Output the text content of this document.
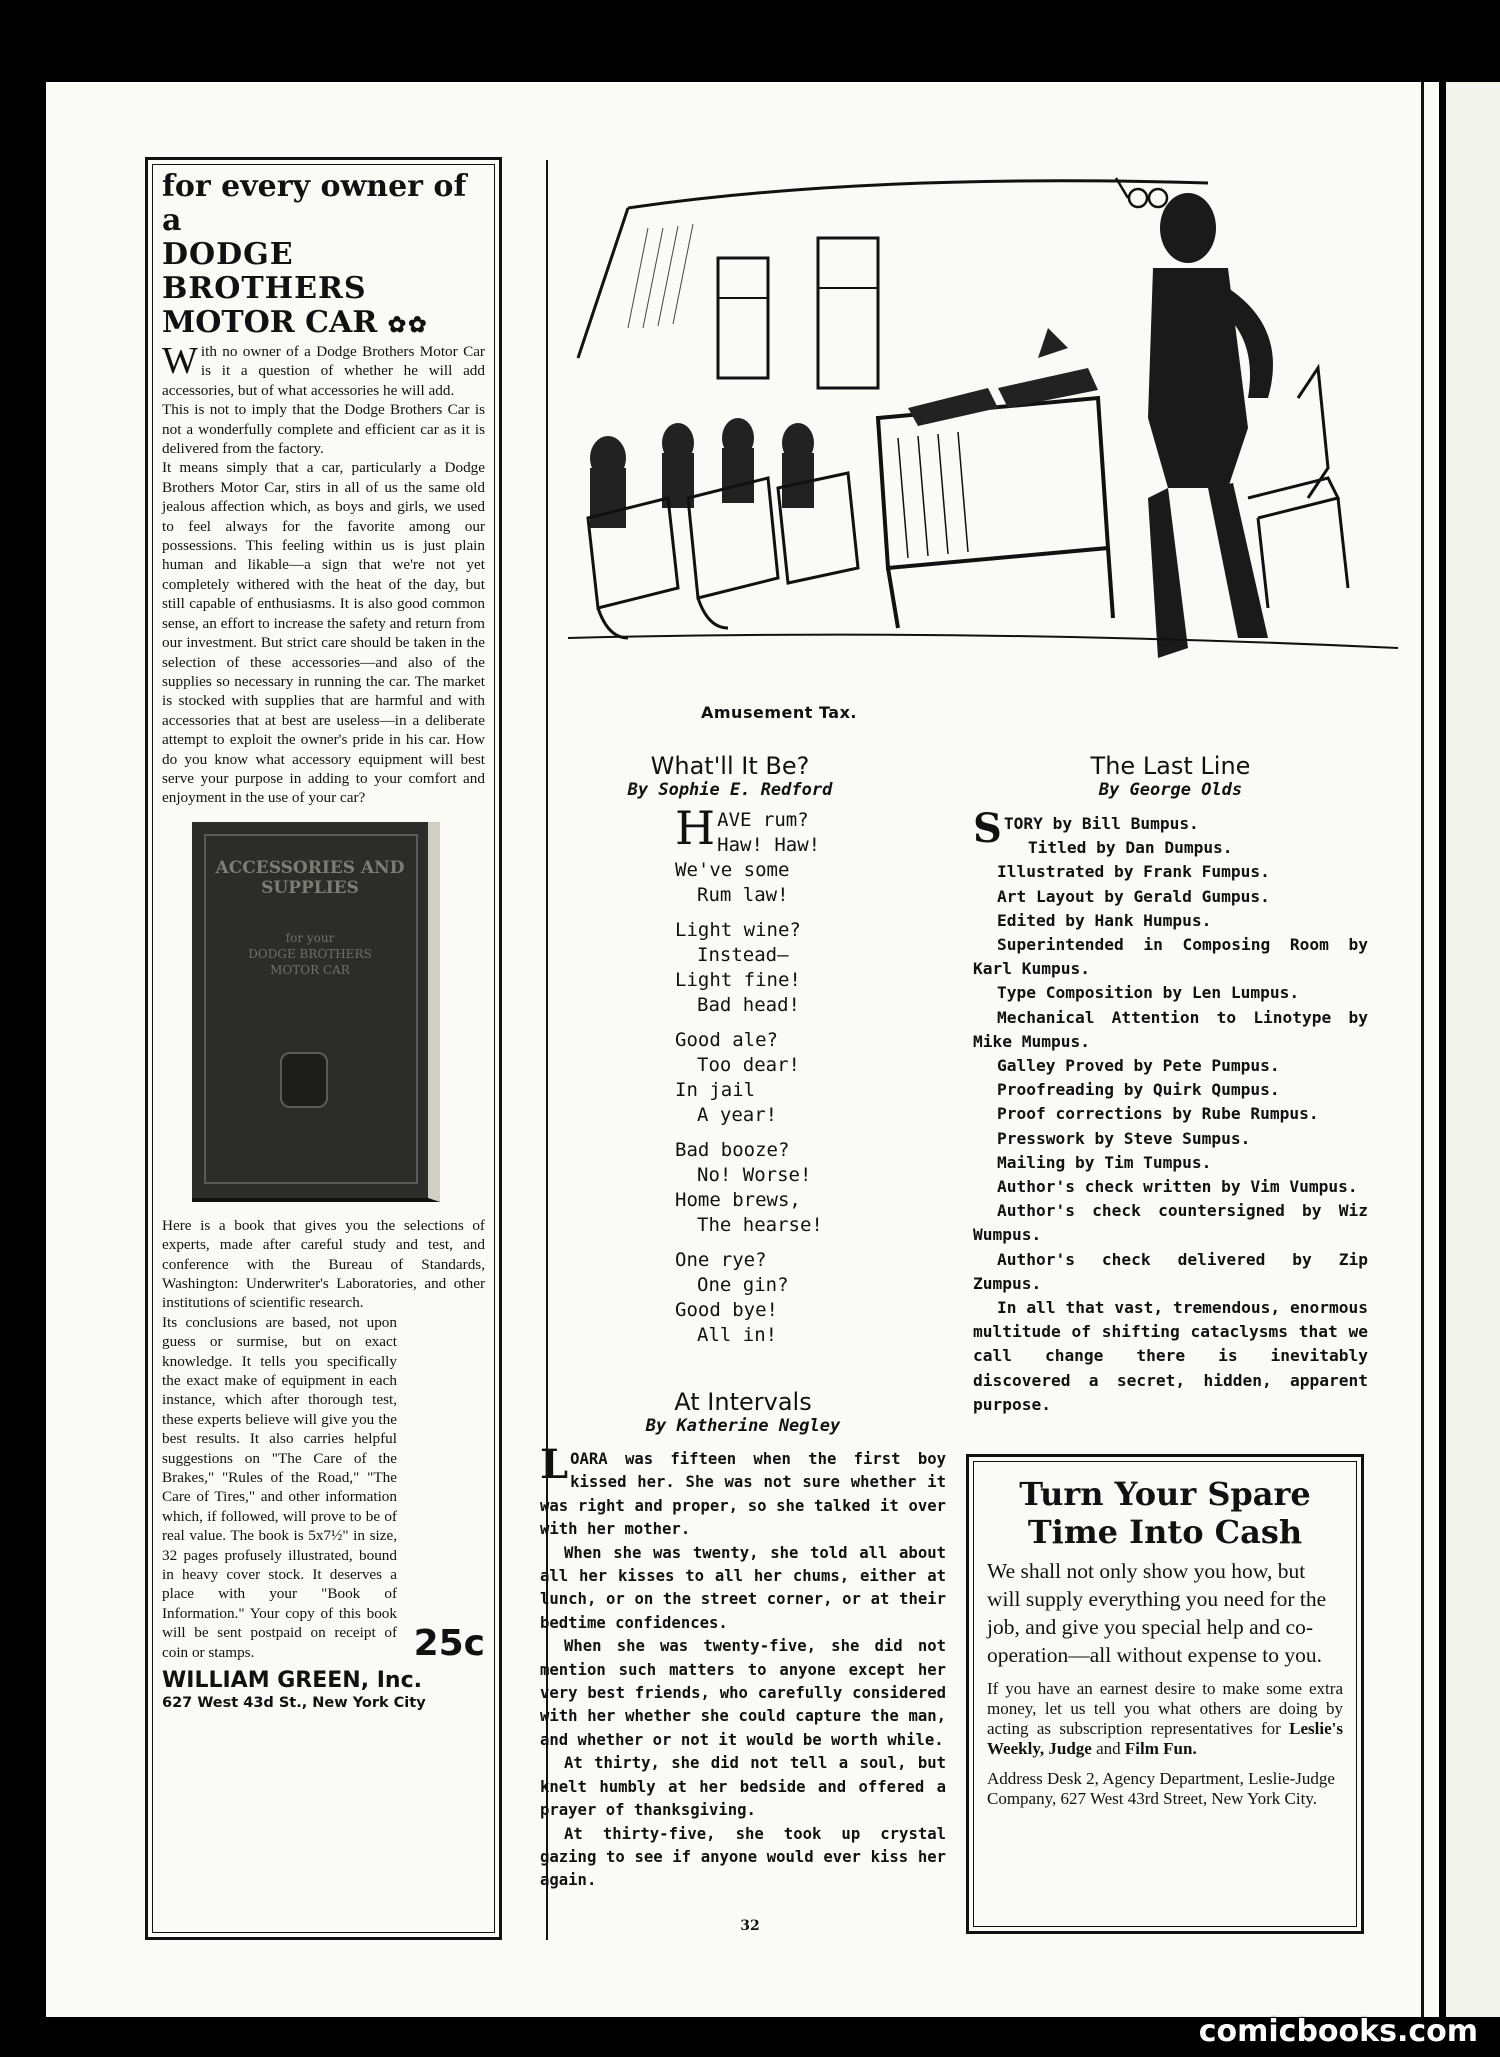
for every owner of a
DODGE BROTHERS
MOTOR CAR ✿✿

With no owner of a Dodge Brothers Motor Car is it a question of whether he will add accessories, but of what accessories he will add.

This is not to imply that the Dodge Brothers Car is not a wonderfully complete and efficient car as it is delivered from the factory.

It means simply that a car, particularly a Dodge Brothers Motor Car, stirs in all of us the same old jealous affection which, as boys and girls, we used to feel always for the favorite among our possessions. This feeling within us is just plain human and likable—a sign that we're not yet completely withered with the heat of the day, but still capable of enthusiasms. It is also good common sense, an effort to increase the safety and return from our investment. But strict care should be taken in the selection of these accessories—and also of the supplies so necessary in running the car. The market is stocked with supplies that are harmful and with accessories that at best are useless—in a deliberate attempt to exploit the owner's pride in his car. How do you know what accessory equipment will best serve your purpose in adding to your comfort and enjoyment in the use of your car?

ACCESSORIES AND SUPPLIES
for your
DODGE BROTHERS
MOTOR CAR

Here is a book that gives you the selections of experts, made after careful study and test, and conference with the Bureau of Standards, Washington: Underwriter's Laboratories, and other institutions of scientific research.

Its conclusions are based, not upon guess or surmise, but on exact knowledge. It tells you specifically the exact make of equipment in each instance, which after thorough test, these experts believe will give you the best results. It also carries helpful suggestions on "The Care of the Brakes," "Rules of the Road," "The Care of Tires," and other information which, if followed, will prove to be of real value. The book is 5x7½" in size, 32 pages profusely illustrated, bound in heavy cover stock. It deserves a place with your "Book of Information." Your copy of this book will be sent postpaid on receipt of coin or stamps.	25c
WILLIAM GREEN, Inc.
627 West 43d St., New York City
Amusement Tax.
What'll It Be?
By Sophie E. Redford
HAVE rum?
Haw! Haw!
We've some
Rum law!
Light wine?
Instead—
Light fine!
Bad head!
Good ale?
Too dear!
In jail
A year!
Bad booze?
No! Worse!
Home brews,
The hearse!
One rye?
One gin?
Good bye!
All in!
The Last Line
By George Olds

STORY by Bill Bumpus.

Titled by Dan Dumpus.

Illustrated by Frank Fumpus.

Art Layout by Gerald Gumpus.

Edited by Hank Humpus.

Superintended in Composing Room by Karl Kumpus.

Type Composition by Len Lumpus.

Mechanical Attention to Linotype by Mike Mumpus.

Galley Proved by Pete Pumpus.

Proofreading by Quirk Qumpus.

Proof corrections by Rube Rumpus.

Presswork by Steve Sumpus.

Mailing by Tim Tumpus.

Author's check written by Vim Vumpus.

Author's check countersigned by Wiz Wumpus.

Author's check delivered by Zip Zumpus.

In all that vast, tremendous, enormous multitude of shifting cataclysms that we call change there is inevitably discovered a secret, hidden, apparent purpose.

At Intervals
By Katherine Negley

LOARA was fifteen when the first boy kissed her. She was not sure whether it was right and proper, so she talked it over with her mother.

When she was twenty, she told all about all her kisses to all her chums, either at lunch, or on the street corner, or at their bedtime confidences.

When she was twenty-five, she did not mention such matters to anyone except her very best friends, who carefully considered with her whether she could capture the man, and whether or not it would be worth while.

At thirty, she did not tell a soul, but knelt humbly at her bedside and offered a prayer of thanksgiving.

At thirty-five, she took up crystal gazing to see if anyone would ever kiss her again.

Turn Your Spare Time Into Cash

We shall not only show you how, but will supply everything you need for the job, and give you special help and co-operation—all without expense to you.

If you have an earnest desire to make some extra money, let us tell you what others are doing by acting as subscription representatives for Leslie's Weekly, Judge and Film Fun.

Address Desk 2, Agency Department, Leslie-Judge Company, 627 West 43rd Street, New York City.

32
comicbooks.com
